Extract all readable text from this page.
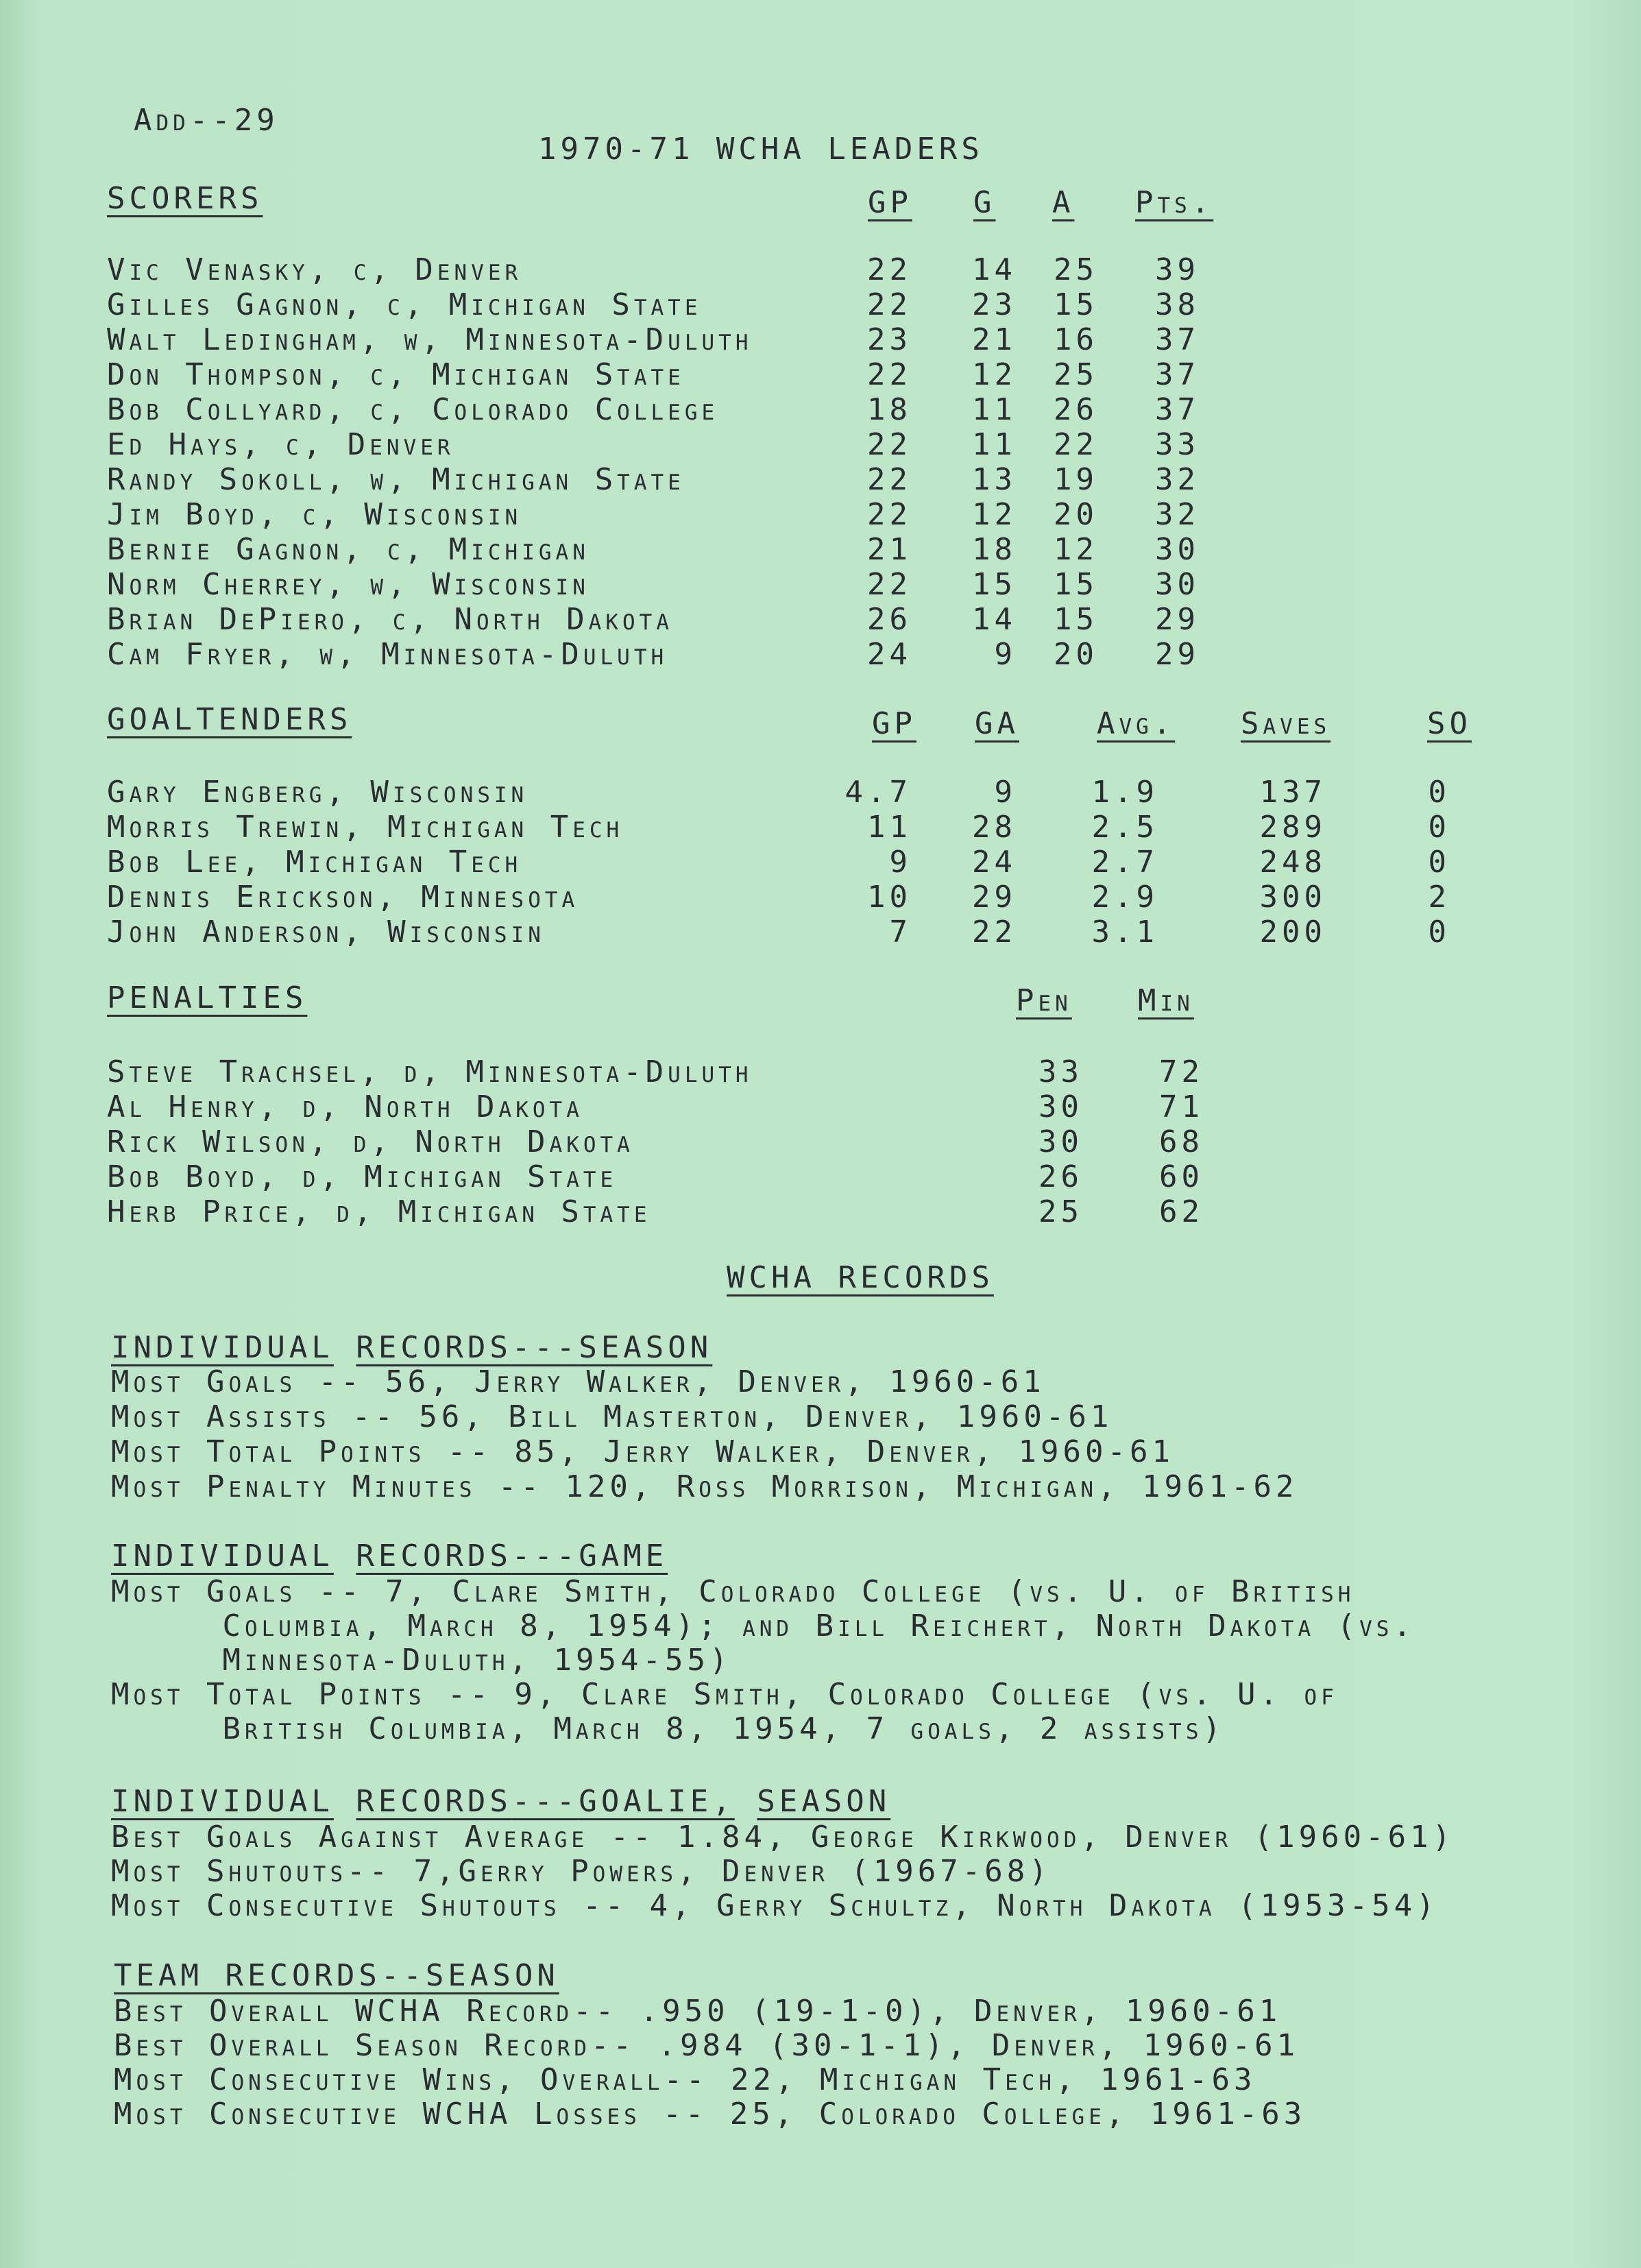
Add--29
1970-71 WCHA LEADERS
SCORERS	GP G A Pts.
Vic Venasky, c, Denver	22	14	25	39
Gilles Gagnon, c, Michigan State	22	23	15	38
Walt Ledingham, w, Minnesota-Duluth	23	21	16	37
Don Thompson, c, Michigan State	22	12	25	37
Bob Collyard, c, Colorado College	18	11	26	37
Ed Hays, c, Denver	22	11	22	33
Randy Sokoll, w, Michigan State	22	13	19	32
Jim Boyd, c, Wisconsin	22	12	20	32
Bernie Gagnon, c, Michigan	21	18	12	30
Norm Cherrey, w, Wisconsin	22	15	15	30
Brian DePiero, c, North Dakota	26	14	15	29
Cam Fryer, w, Minnesota-Duluth	24	9	20	29
GOALTENDERS	GP GA	Avg. Saves	SO
Gary Engberg, Wisconsin	4.7	9	1.9	137	0
Morris Trewin, Michigan Tech	11	28	2.5	289	0
Bob Lee, Michigan Tech	9	24	2.7	248	0
Dennis Erickson, Minnesota	10	29	2.9	300	2
John Anderson, Wisconsin	7	22	3.1	200	0
PENALTIES	Pen Min
Steve Trachsel, d, Minnesota-Duluth	33	72
Al Henry, d, North Dakota	30	71
Rick Wilson, d, North Dakota	30	68
Bob Boyd, d, Michigan State	26	60
Herb Price, d, Michigan State	25	62
WCHA RECORDS
INDIVIDUAL RECORDS---SEASON
Most Goals -- 56, Jerry Walker, Denver, 1960-61
Most Assists -- 56, Bill Masterton, Denver, 1960-61
Most Total Points -- 85, Jerry Walker, Denver, 1960-61
Most Penalty Minutes -- 120, Ross Morrison, Michigan, 1961-62
INDIVIDUAL RECORDS---GAME
Most Goals -- 7, Clare Smith, Colorado College (vs. U. of British
Columbia, March 8, 1954); and Bill Reichert, North Dakota (vs.
Minnesota-Duluth, 1954-55)
Most Total Points -- 9, Clare Smith, Colorado College (vs. U. of
British Columbia, March 8, 1954, 7 goals, 2 assists)
INDIVIDUAL RECORDS---GOALIE, SEASON
Best Goals Against Average -- 1.84, George Kirkwood, Denver (1960-61)
Most Shutouts-- 7,Gerry Powers, Denver (1967-68)
Most Consecutive Shutouts -- 4, Gerry Schultz, North Dakota (1953-54)
TEAM RECORDS--SEASON
Best Overall WCHA Record-- .950 (19-1-0), Denver, 1960-61
Best Overall Season Record-- .984 (30-1-1), Denver, 1960-61
Most Consecutive Wins, Overall-- 22, Michigan Tech, 1961-63
Most Consecutive WCHA Losses -- 25, Colorado College, 1961-63
